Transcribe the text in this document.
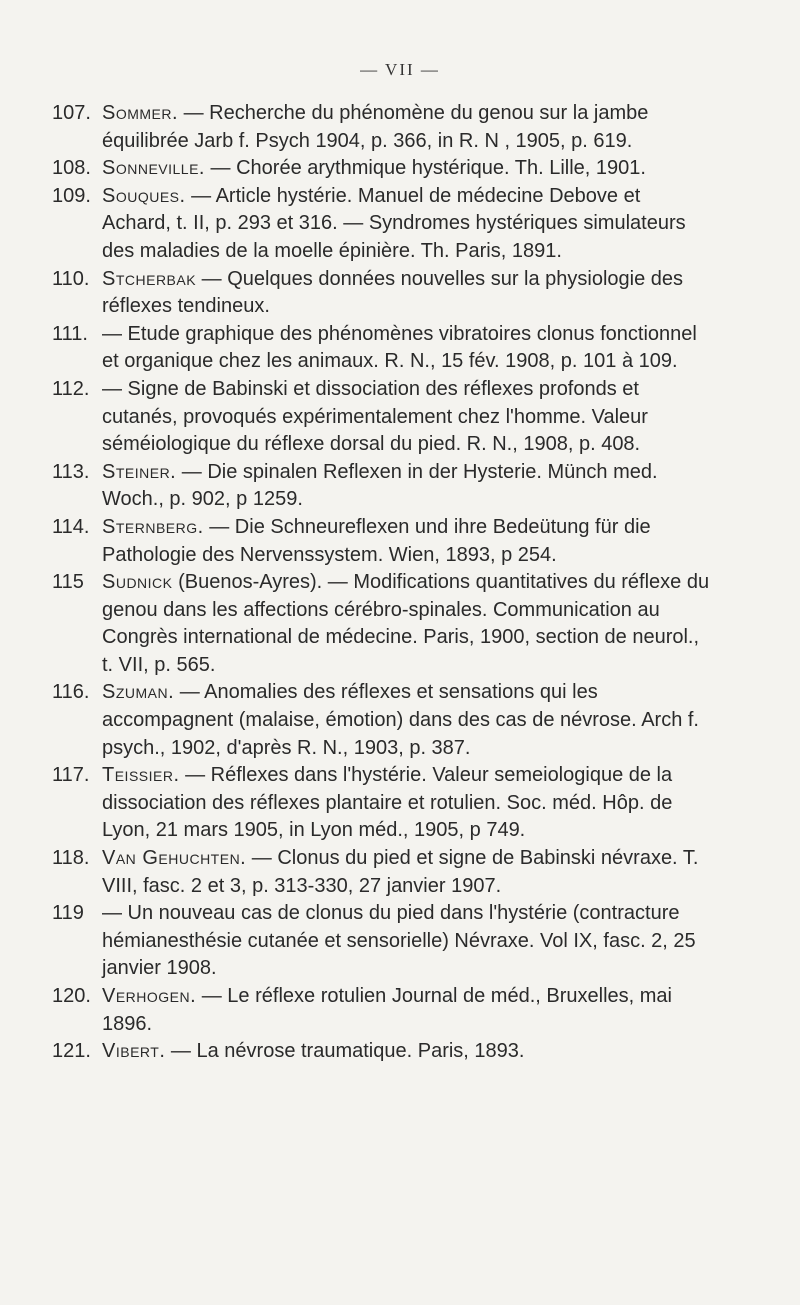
— VII —
107. Sommer. — Recherche du phénomène du genou sur la jambe équilibrée Jarb f. Psych 1904, p. 366, in R. N , 1905, p. 619.
108. Sonneville. — Chorée arythmique hystérique. Th. Lille, 1901.
109. Souques. — Article hystérie. Manuel de médecine Debove et Achard, t. II, p. 293 et 316. — Syndromes hystériques simulateurs des maladies de la moelle épinière. Th. Paris, 1891.
110. Stcherbak — Quelques données nouvelles sur la physiologie des réflexes tendineux.
111. — Etude graphique des phénomènes vibratoires clonus fonctionnel et organique chez les animaux. R. N., 15 fév. 1908, p. 101 à 109.
112. — Signe de Babinski et dissociation des réflexes profonds et cutanés, provoqués expérimentalement chez l'homme. Valeur séméiologique du réflexe dorsal du pied. R. N., 1908, p. 408.
113. Steiner. — Die spinalen Reflexen in der Hysterie. Münch med. Woch., p. 902, p 1259.
114. Sternberg. — Die Schneureflexen und ihre Bedeütung für die Pathologie des Nervenssystem. Wien, 1893, p 254.
115 Sudnick (Buenos-Ayres). — Modifications quantitatives du réflexe du genou dans les affections cérébro-spinales. Communication au Congrès international de médecine. Paris, 1900, section de neurol., t. VII, p. 565.
116. Szuman. — Anomalies des réflexes et sensations qui les accompagnent (malaise, émotion) dans des cas de névrose. Arch f. psych., 1902, d'après R. N., 1903, p. 387.
117. Teissier. — Réflexes dans l'hystérie. Valeur semeiologique de la dissociation des réflexes plantaire et rotulien. Soc. méd. Hôp. de Lyon, 21 mars 1905, in Lyon méd., 1905, p 749.
118. Van Gehuchten. — Clonus du pied et signe de Babinski névraxe. T. VIII, fasc. 2 et 3, p. 313-330, 27 janvier 1907.
119 — Un nouveau cas de clonus du pied dans l'hystérie (contracture hémianesthésie cutanée et sensorielle) Névraxe. Vol IX, fasc. 2, 25 janvier 1908.
120. Verhogen. — Le réflexe rotulien Journal de méd., Bruxelles, mai 1896.
121. Vibert. — La névrose traumatique. Paris, 1893.
